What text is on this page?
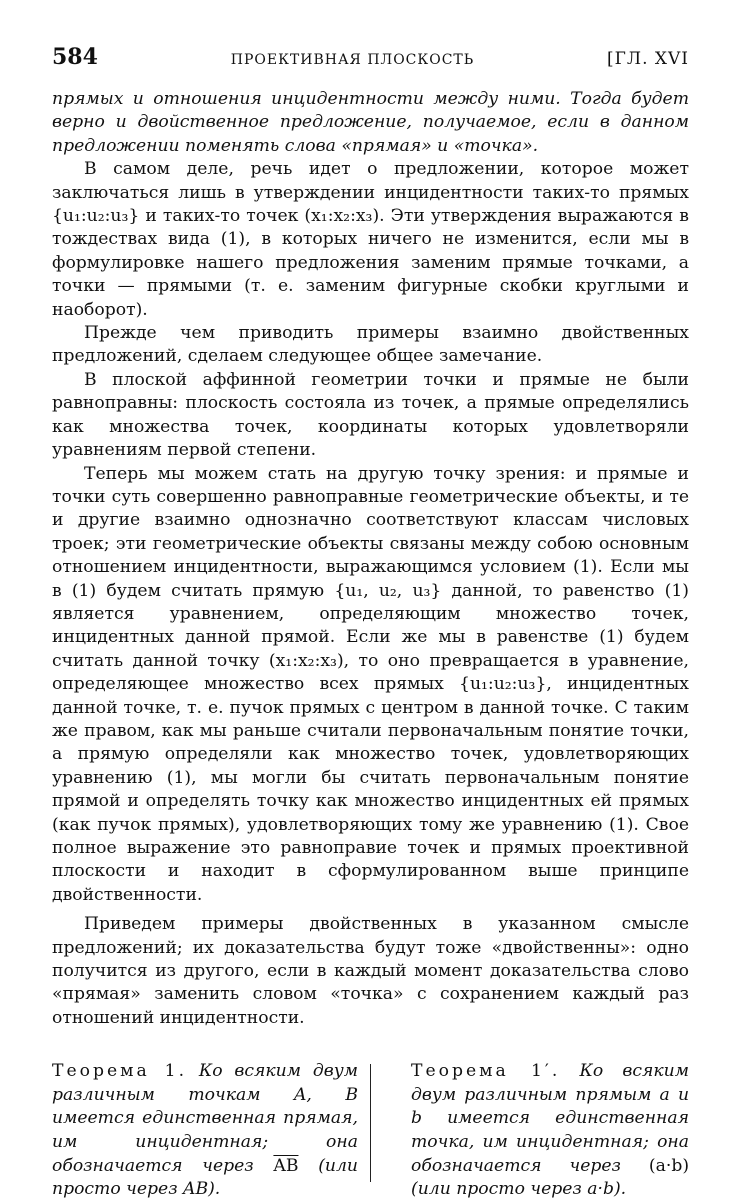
584	ПРОЕКТИВНАЯ ПЛОСКОСТЬ	[ГЛ. XVI

прямых и отношения инцидентности между ними. Тогда будет верно и двойственное предложение, получаемое, если в данном предложении поменять слова «прямая» и «точка».

В самом деле, речь идет о предложении, которое может заключаться лишь в утверждении инцидентности таких-то прямых {u₁:u₂:u₃} и таких-то точек (x₁:x₂:x₃). Эти утверждения выражаются в тождествах вида (1), в которых ничего не изменится, если мы в формулировке нашего предложения заменим прямые точками, а точки — прямыми (т. е. заменим фигурные скобки круглыми и наоборот).

Прежде чем приводить примеры взаимно двойственных предложений, сделаем следующее общее замечание.

В плоской аффинной геометрии точки и прямые не были равноправны: плоскость состояла из точек, а прямые определялись как множества точек, координаты которых удовлетворяли уравнениям первой степени.

Теперь мы можем стать на другую точку зрения: и прямые и точки суть совершенно равноправные геометрические объекты, и те и другие взаимно однозначно соответствуют классам числовых троек; эти геометрические объекты связаны между собою основным отношением инцидентности, выражающимся условием (1). Если мы в (1) будем считать прямую {u₁, u₂, u₃} данной, то равенство (1) является уравнением, определяющим множество точек, инцидентных данной прямой. Если же мы в равенстве (1) будем считать данной точку (x₁:x₂:x₃), то оно превращается в уравнение, определяющее множество всех прямых {u₁:u₂:u₃}, инцидентных данной точке, т. е. пучок прямых с центром в данной точке. С таким же правом, как мы раньше считали первоначальным понятие точки, а прямую определяли как множество точек, удовлетворяющих уравнению (1), мы могли бы считать первоначальным понятие прямой и определять точку как множество инцидентных ей прямых (как пучок прямых), удовлетворяющих тому же уравнению (1). Свое полное выражение это равноправие точек и прямых проективной плоскости и находит в сформулированном выше принципе двойственности.

Приведем примеры двойственных в указанном смысле предложений; их доказательства будут тоже «двойственны»: одно получится из другого, если в каждый момент доказательства слово «прямая» заменить словом «точка» с сохранением каждый раз отношений инцидентности.

Теорема 1. Ко всяким двум различным точкам A, B имеется единственная прямая, им инцидентная; она обозначается через $\overline{AB}$ (или просто через AB).
Теорема 1′. Ко всяким двум различным прямым a и b имеется единственная точка, им инцидентная; она обозначается через (a·b) (или просто через a·b).
